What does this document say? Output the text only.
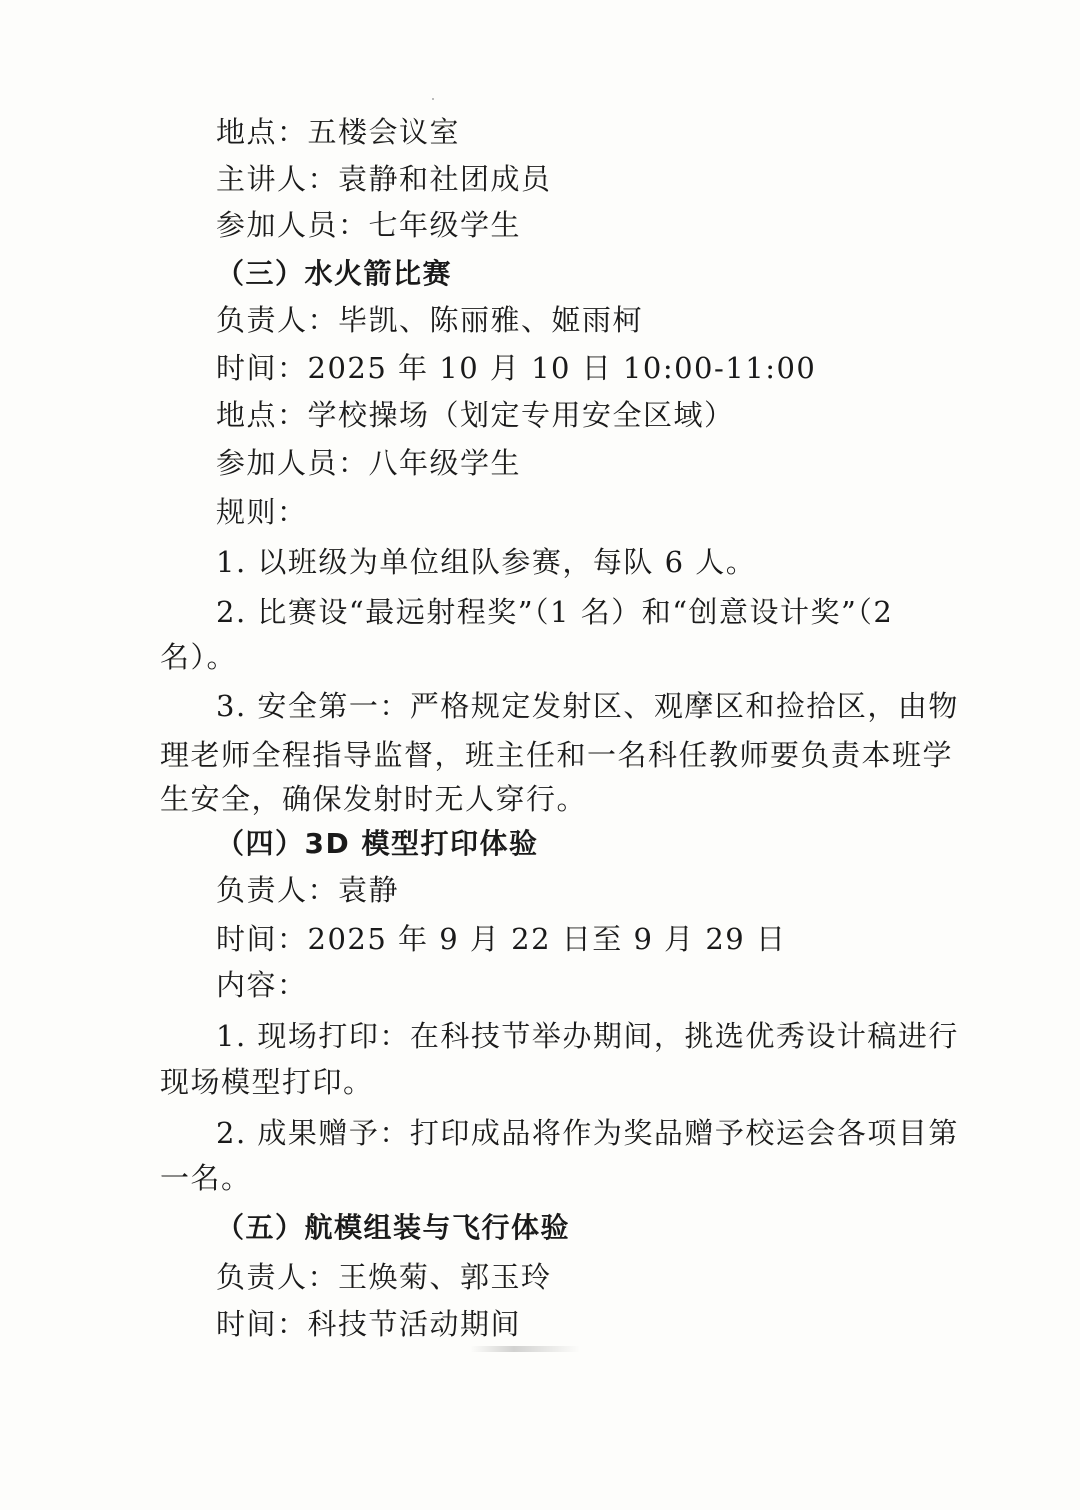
地点：五楼会议室
主讲人：袁静和社团成员
参加人员：七年级学生
（三）水火箭比赛
负责人：毕凯、陈丽雅、姬雨柯
时间：2025 年 10 月 10 日 10:00-11:00
地点：学校操场（划定专用安全区域）
参加人员：八年级学生
规则：
1. 以班级为单位组队参赛，每队 6 人。
2. 比赛设“最远射程奖”（1 名）和“创意设计奖”（2
名）。
3. 安全第一：严格规定发射区、观摩区和捡拾区，由物
理老师全程指导监督，班主任和一名科任教师要负责本班学
生安全，确保发射时无人穿行。
（四）3D 模型打印体验
负责人：袁静
时间：2025 年 9 月 22 日至 9 月 29 日
内容：
1. 现场打印：在科技节举办期间，挑选优秀设计稿进行
现场模型打印。
2. 成果赠予：打印成品将作为奖品赠予校运会各项目第
一名。
（五）航模组装与飞行体验
负责人：王焕菊、郭玉玲
时间：科技节活动期间
